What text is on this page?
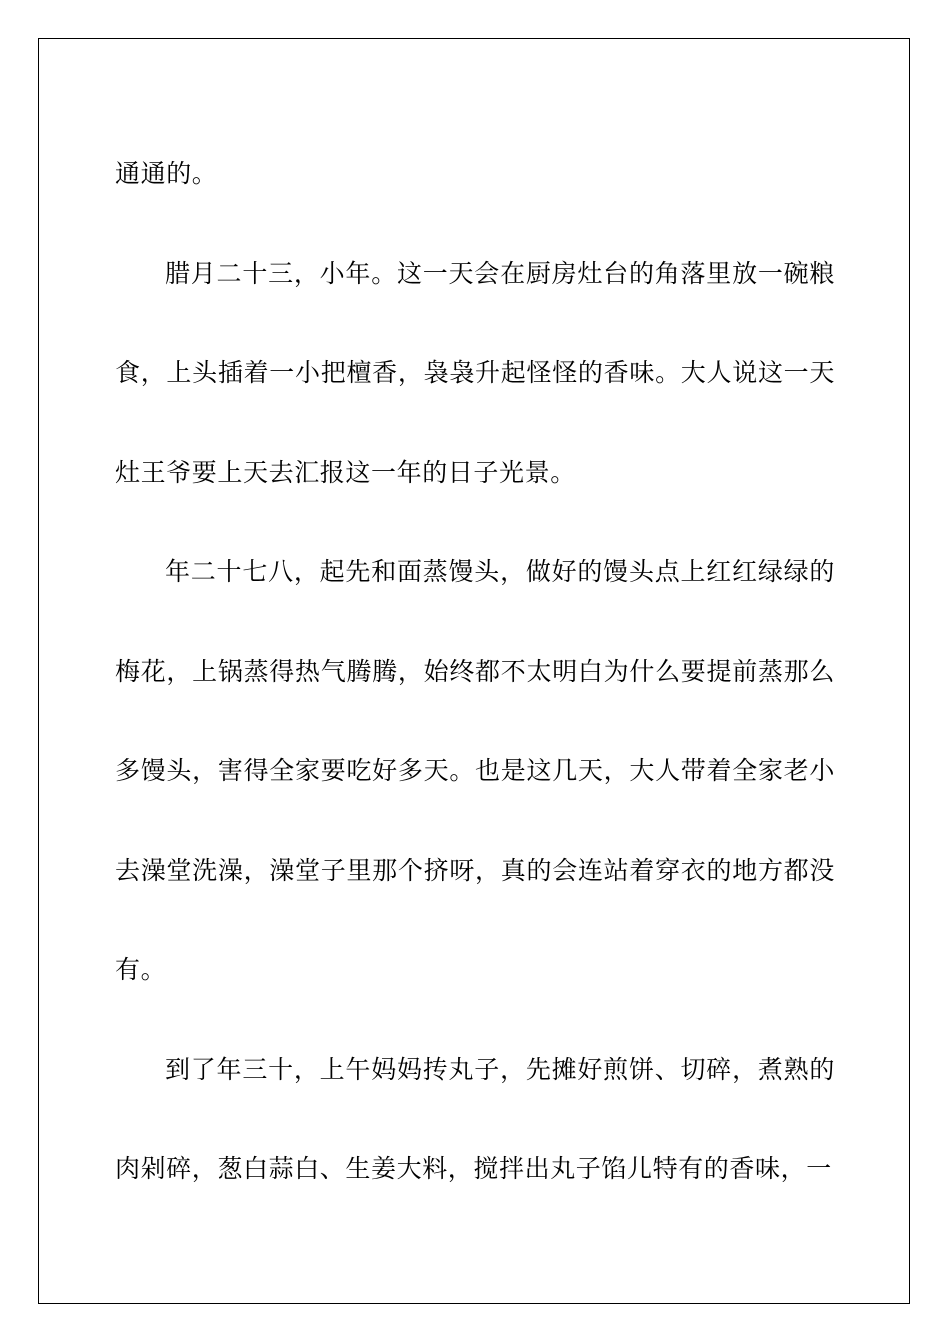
通通的。

腊月二十三，小年。这一天会在厨房灶台的角落里放一碗粮食，上头插着一小把檀香，袅袅升起怪怪的香味。大人说这一天灶王爷要上天去汇报这一年的日子光景。

年二十七八，起先和面蒸馒头，做好的馒头点上红红绿绿的梅花，上锅蒸得热气腾腾，始终都不太明白为什么要提前蒸那么多馒头，害得全家要吃好多天。也是这几天，大人带着全家老小去澡堂洗澡，澡堂子里那个挤呀，真的会连站着穿衣的地方都没有。

到了年三十，上午妈妈抟丸子，先摊好煎饼、切碎，煮熟的肉剁碎，葱白蒜白、生姜大料，搅拌出丸子馅儿特有的香味，一
